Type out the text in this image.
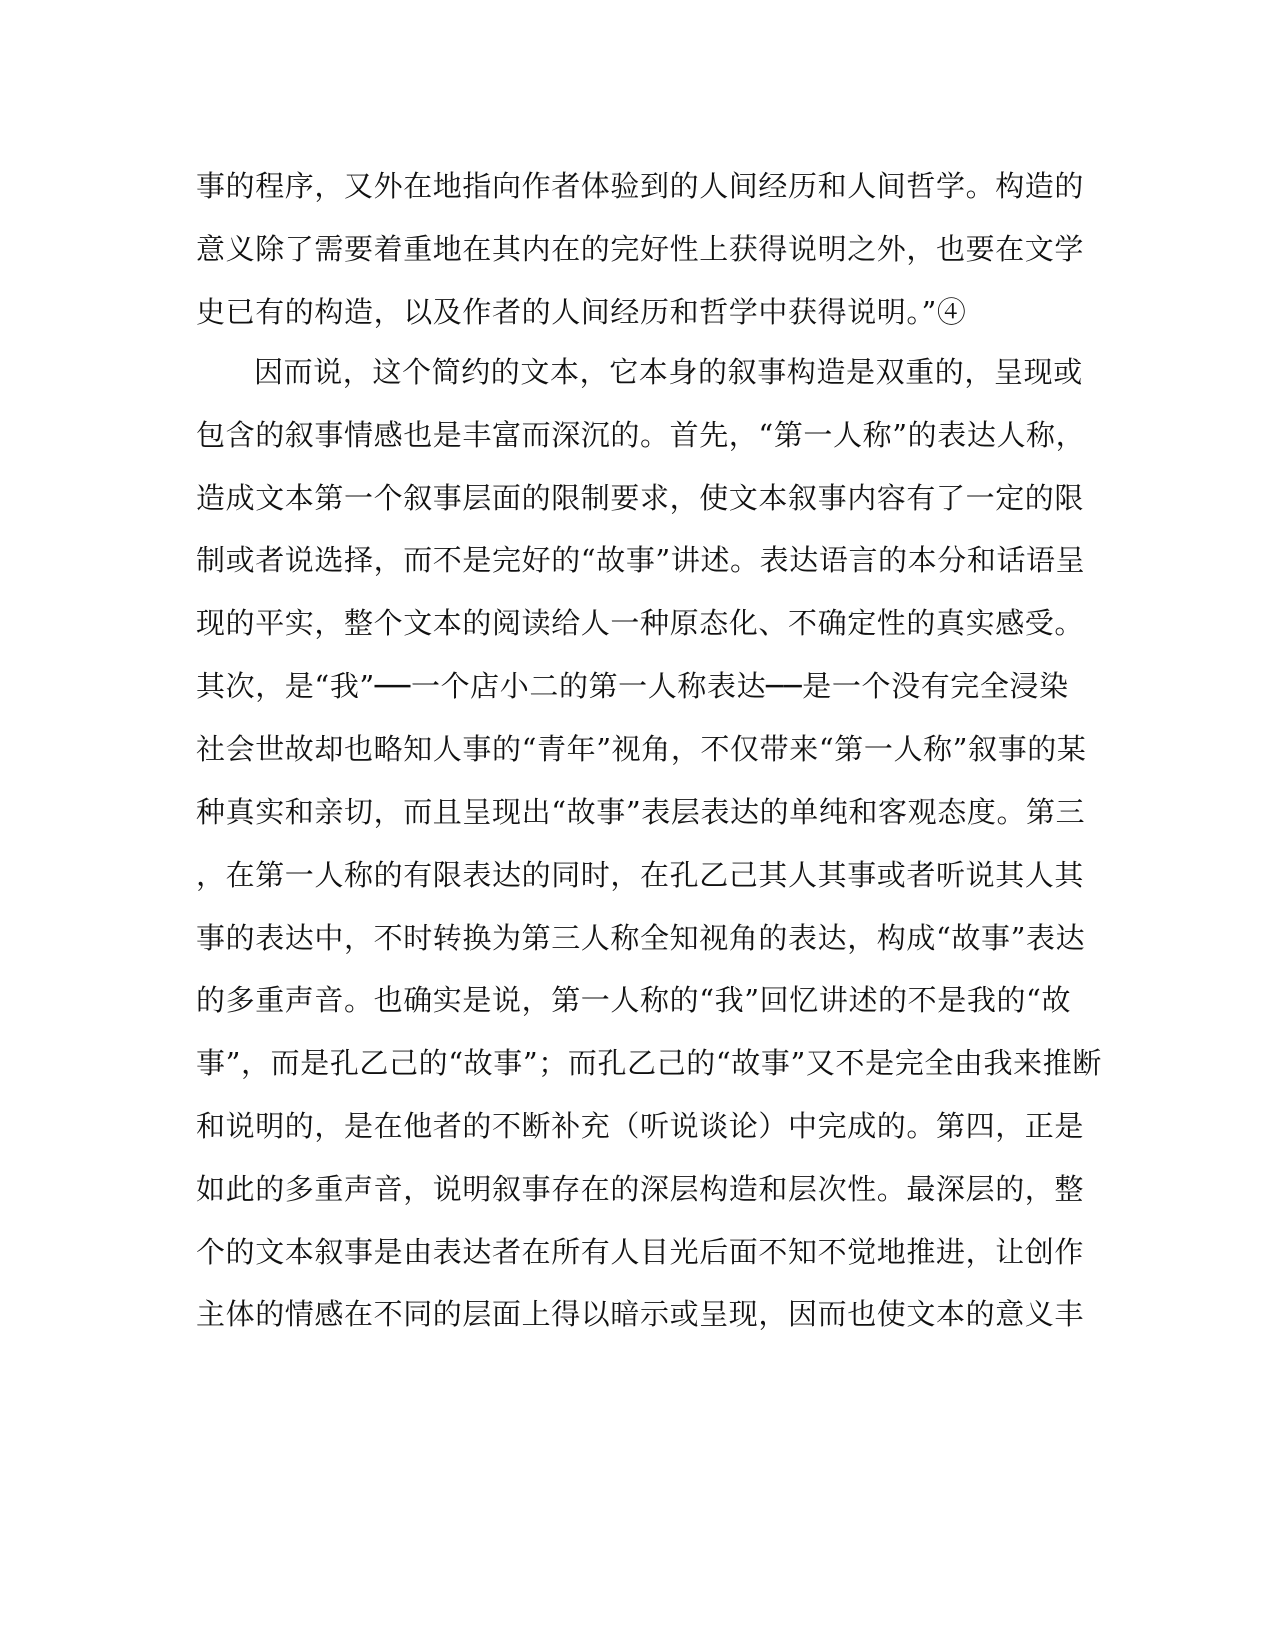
事的程序，又外在地指向作者体验到的人间经历和人间哲学。构造的
意义除了需要着重地在其内在的完好性上获得说明之外，也要在文学
史已有的构造，以及作者的人间经历和哲学中获得说明。”④
因而说，这个简约的文本，它本身的叙事构造是双重的，呈现或
包含的叙事情感也是丰富而深沉的。首先，“第一人称”的表达人称，
造成文本第一个叙事层面的限制要求，使文本叙事内容有了一定的限
制或者说选择，而不是完好的“故事”讲述。表达语言的本分和话语呈
现的平实，整个文本的阅读给人一种原态化、不确定性的真实感受。
其次，是“我”──一个店小二的第一人称表达──是一个没有完全浸染
社会世故却也略知人事的“青年”视角，不仅带来“第一人称”叙事的某
种真实和亲切，而且呈现出“故事”表层表达的单纯和客观态度。第三
，在第一人称的有限表达的同时，在孔乙己其人其事或者听说其人其
事的表达中，不时转换为第三人称全知视角的表达，构成“故事”表达
的多重声音。也确实是说，第一人称的“我”回忆讲述的不是我的“故
事”，而是孔乙己的“故事”；而孔乙己的“故事”又不是完全由我来推断
和说明的，是在他者的不断补充（听说谈论）中完成的。第四，正是
如此的多重声音，说明叙事存在的深层构造和层次性。最深层的，整
个的文本叙事是由表达者在所有人目光后面不知不觉地推进，让创作
主体的情感在不同的层面上得以暗示或呈现，因而也使文本的意义丰
